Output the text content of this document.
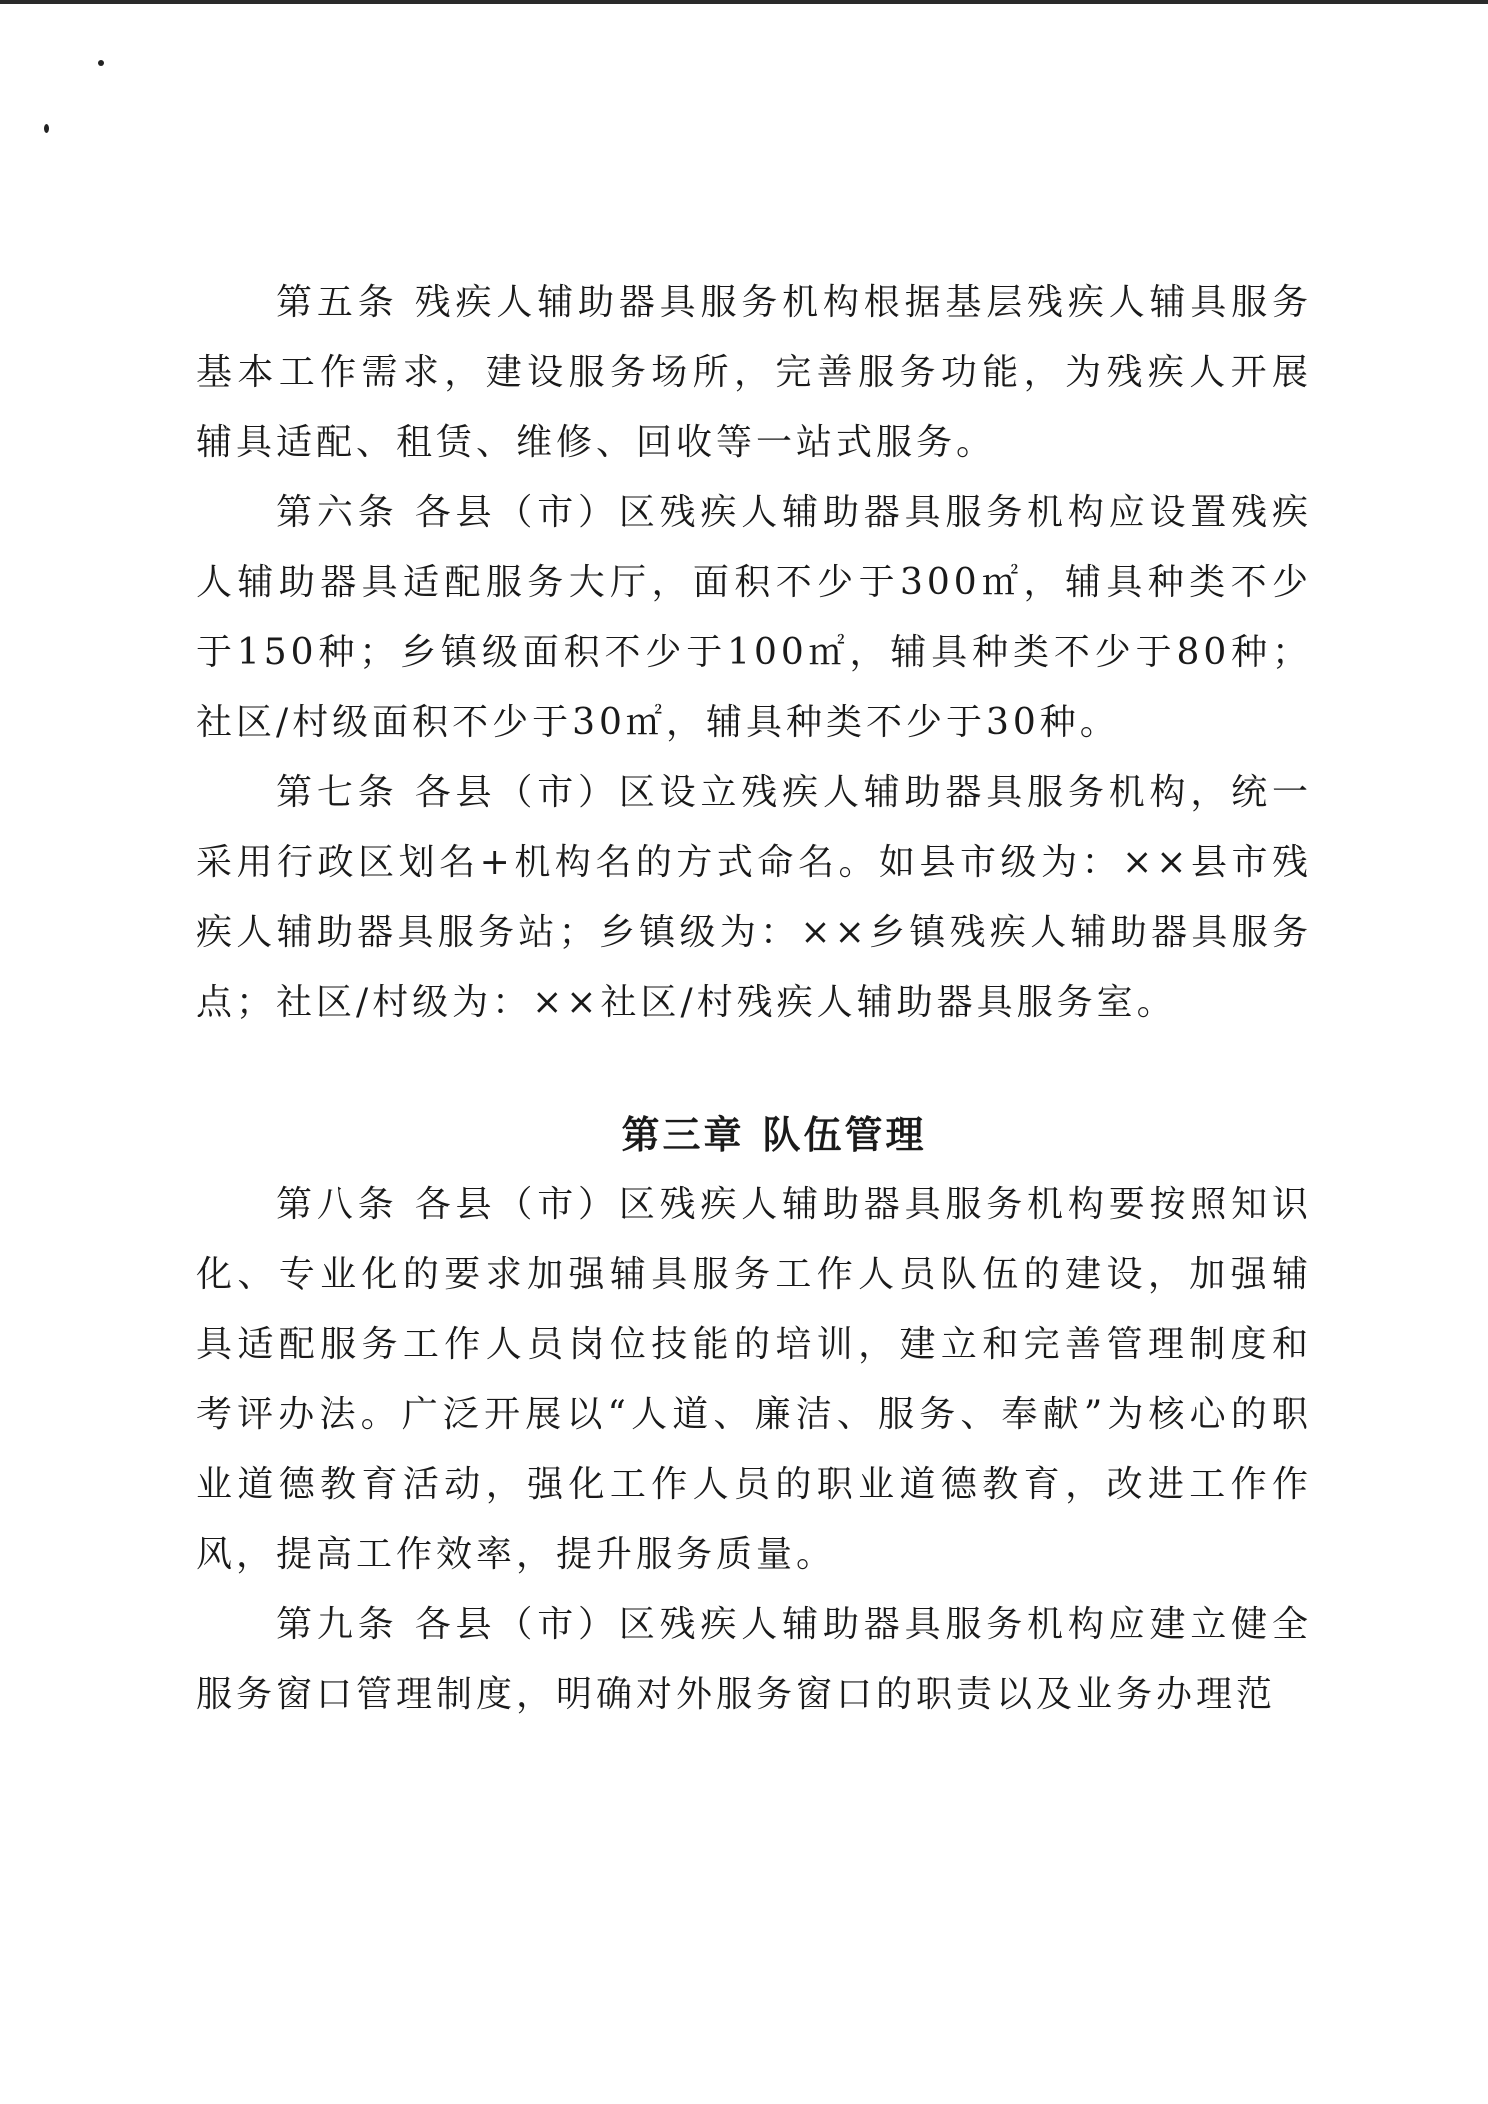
第五条 残疾人辅助器具服务机构根据基层残疾人辅具服务基本工作需求，建设服务场所，完善服务功能，为残疾人开展辅具适配、租赁、维修、回收等一站式服务。

第六条 各县（市）区残疾人辅助器具服务机构应设置残疾人辅助器具适配服务大厅，面积不少于300㎡，辅具种类不少于150种；乡镇级面积不少于100㎡，辅具种类不少于80种；社区/村级面积不少于30㎡，辅具种类不少于30种。

第七条 各县（市）区设立残疾人辅助器具服务机构，统一采用行政区划名+机构名的方式命名。如县市级为：××县市残疾人辅助器具服务站；乡镇级为：××乡镇残疾人辅助器具服务点；社区/村级为：××社区/村残疾人辅助器具服务室。

第三章 队伍管理

第八条 各县（市）区残疾人辅助器具服务机构要按照知识化、专业化的要求加强辅具服务工作人员队伍的建设，加强辅具适配服务工作人员岗位技能的培训，建立和完善管理制度和考评办法。广泛开展以“人道、廉洁、服务、奉献”为核心的职业道德教育活动，强化工作人员的职业道德教育，改进工作作风，提高工作效率，提升服务质量。

第九条 各县（市）区残疾人辅助器具服务机构应建立健全服务窗口管理制度，明确对外服务窗口的职责以及业务办理范
